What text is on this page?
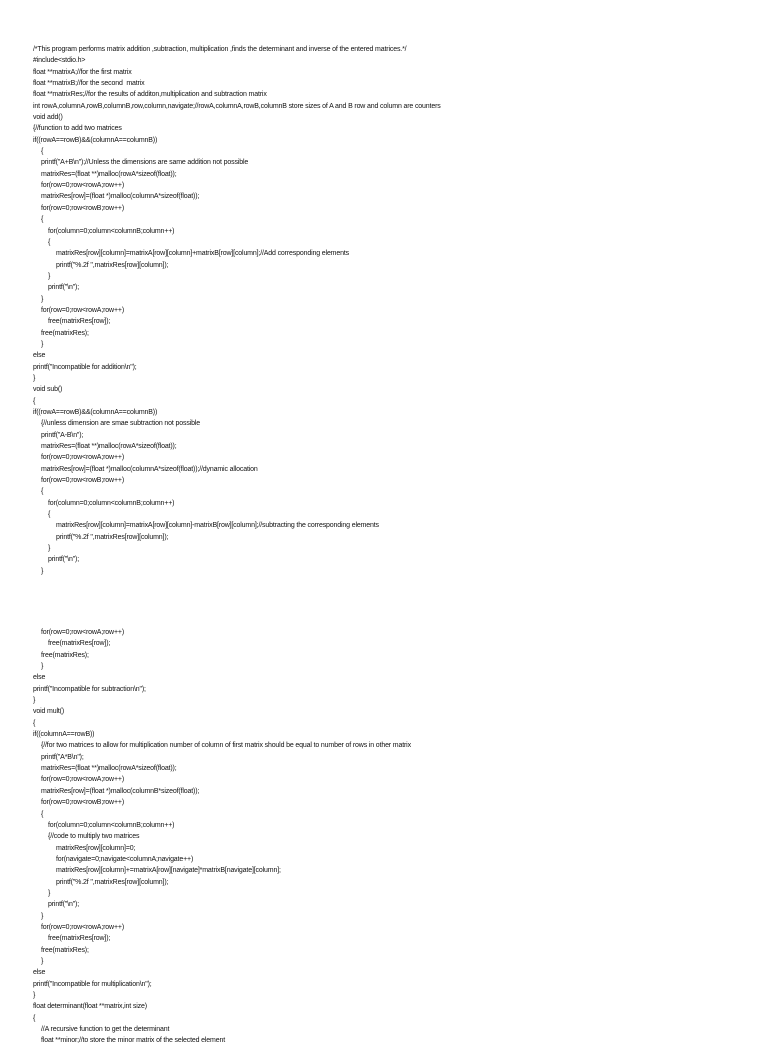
/*This program performs matrix addition ,subtraction, multiplication ,finds the determinant and inverse of the entered matrices.*/
#include<stdio.h>
float **matrixA;//for the first matrix
float **matrixB;//for the second  matrix
float **matrixRes;//for the results of additon,multiplication and subtraction matrix
int rowA,columnA,rowB,columnB,row,column,navigate;//rowA,columnA,rowB,columnB store sizes of A and B row and column are counters
void add()
{//function to add two matrices
if((rowA==rowB)&&(columnA==columnB))
{
printf("A+B\n");//Unless the dimensions are same addition not possible
matrixRes=(float **)malloc(rowA*sizeof(float));
for(row=0;row<rowA;row++)
matrixRes[row]=(float *)malloc(columnA*sizeof(float));
for(row=0;row<rowB;row++)
{
for(column=0;column<columnB;column++)
{
matrixRes[row][column]=matrixA[row][column]+matrixB[row][column];//Add corresponding elements
printf("%.2f ",matrixRes[row][column]);
}
printf("\n");
}
for(row=0;row<rowA;row++)
free(matrixRes[row]);
free(matrixRes);
}
else
printf("Incompatible for addition\n");
}
void sub()
{
if((rowA==rowB)&&(columnA==columnB))
{//unless dimension are smae subtraction not possible
printf("A-B\n");
matrixRes=(float **)malloc(rowA*sizeof(float));
for(row=0;row<rowA;row++)
matrixRes[row]=(float *)malloc(columnA*sizeof(float));//dynamic allocation
for(row=0;row<rowB;row++)
{
for(column=0;column<columnB;column++)
{
matrixRes[row][column]=matrixA[row][column]-matrixB[row][column];//subtracting the corresponding elements
printf("%.2f ",matrixRes[row][column]);
}
printf("\n");
}
for(row=0;row<rowA;row++)
free(matrixRes[row]);
free(matrixRes);
}
else
printf("Incompatible for subtraction\n");
}
void mult()
{
if((columnA==rowB))
{//for two matrices to allow for multiplication number of column of first matrix should be equal to number of rows in other matrix
printf("A*B\n");
matrixRes=(float **)malloc(rowA*sizeof(float));
for(row=0;row<rowA;row++)
matrixRes[row]=(float *)malloc(columnB*sizeof(float));
for(row=0;row<rowB;row++)
{
for(column=0;column<columnB;column++)
{//code to multiply two matrices
matrixRes[row][column]=0;
for(navigate=0;navigate<columnA;navigate++)
matrixRes[row][column]+=matrixA[row][navigate]*matrixB[navigate][column];
printf("%.2f ",matrixRes[row][column]);
}
printf("\n");
}
for(row=0;row<rowA;row++)
free(matrixRes[row]);
free(matrixRes);
}
else
printf("Incompatible for multiplication\n");
}
float determinant(float **matrix,int size)
{
//A recursive function to get the determinant
float **minor;//to store the minor matrix of the selected element
